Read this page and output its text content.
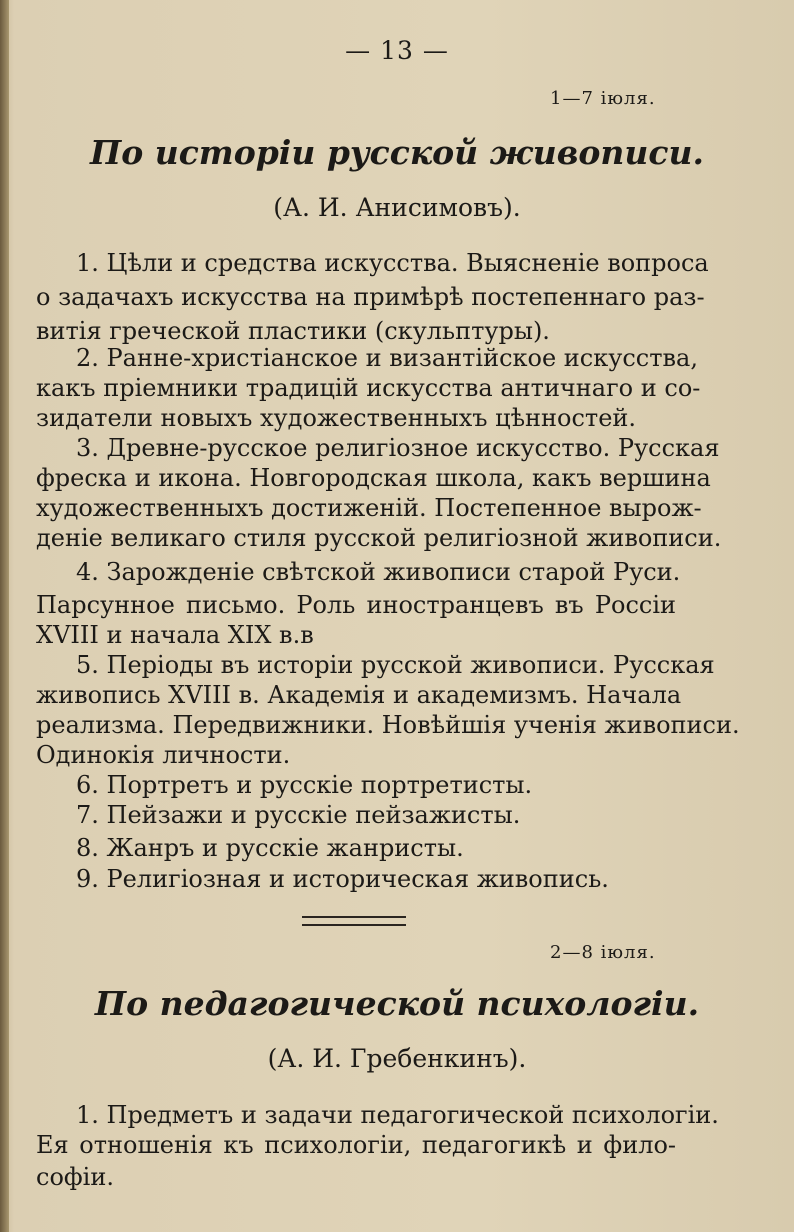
— 13 —
1—7 іюля.
По исторіи русской живописи.
(А. И. Анисимовъ).
1. Цѣли и средства искусства. Выясненіе вопроса
о задачахъ искусства на примѣрѣ постепеннаго раз-
витія греческой пластики (скульптуры).
2. Ранне-христіанское и византійское искусства,
какъ пріемники традицій искусства античнаго и со-
зидатели новыхъ художественныхъ цѣнностей.
3. Древне-русское религіозное искусство. Русская
фреска и икона. Новгородская школа, какъ вершина
художественныхъ достиженій. Постепенное вырож-
деніе великаго стиля русской религіозной живописи.
4. Зарожденіе свѣтской живописи старой Руси.
Парсунное письмо. Роль иностранцевъ въ Россіи
XVIII и начала XIX в.в
5. Періоды въ исторіи русской живописи. Русская
живопись XVIII в. Академія и академизмъ. Начала
реализма. Передвижники. Новѣйшія ученія живописи.
Одинокія личности.
6. Портретъ и русскіе портретисты.
7. Пейзажи и русскіе пейзажисты.
8. Жанръ и русскіе жанристы.
9. Религіозная и историческая живопись.
2—8 іюля.
По педагогической психологіи.
(А. И. Гребенкинъ).
1. Предметъ и задачи педагогической психологіи.
Ея отношенія къ психологіи, педагогикѣ и фило-
софіи.
